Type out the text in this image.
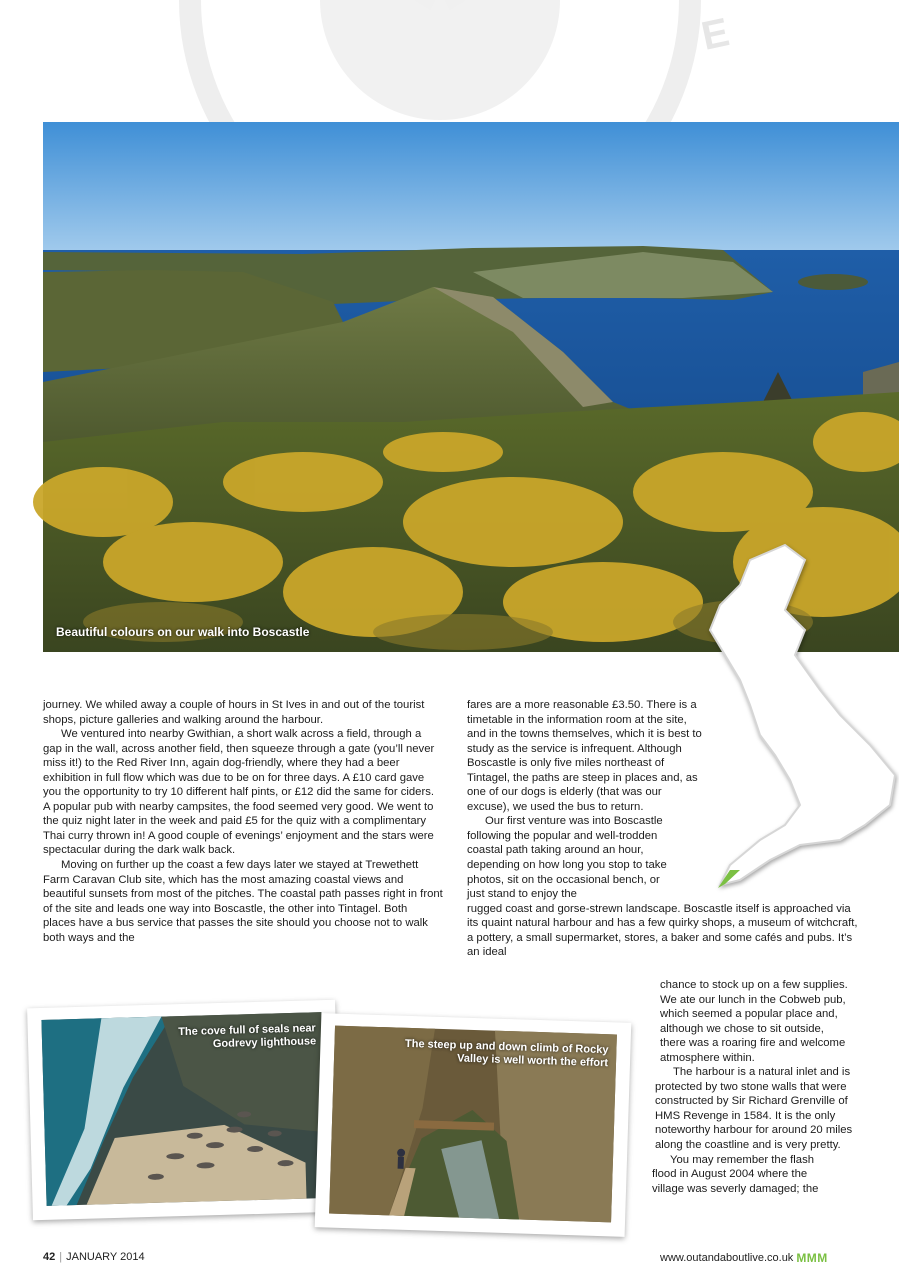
E
Beautiful colours on our walk into Boscastle

journey. We whiled away a couple of hours in St Ives in and out of the tourist shops, picture galleries and walking around the harbour.

We ventured into nearby Gwithian, a short walk across a field, through a gap in the wall, across another field, then squeeze through a gate (you’ll never miss it!) to the Red River Inn, again dog-friendly, where they had a beer exhibition in full flow which was due to be on for three days. A £10 card gave you the opportunity to try 10 different half pints, or £12 did the same for ciders. A popular pub with nearby campsites, the food seemed very good. We went to the quiz night later in the week and paid £5 for the quiz with a complimentary Thai curry thrown in! A good couple of evenings’ enjoyment and the stars were spectacular during the dark walk back.

Moving on further up the coast a few days later we stayed at Trewethett Farm Caravan Club site, which has the most amazing coastal views and beautiful sunsets from most of the pitches. The coastal path passes right in front of the site and leads one way into Boscastle, the other into Tintagel. Both places have a bus service that passes the site should you choose not to walk both ways and the

fares are a more reasonable £3.50. There is a timetable in the information room at the site, and in the towns themselves, which it is best to study as the service is infrequent. Although Boscastle is only five miles northeast of Tintagel, the paths are steep in places and, as one of our dogs is elderly (that was our excuse), we used the bus to return.

Our first venture was into Boscastle following the popular and well-trodden coastal path taking around an hour, depending on how long you stop to take photos, sit on the occasional bench, or just stand to enjoy the

rugged coast and gorse-strewn landscape. Boscastle itself is approached via its quaint natural harbour and has a few quirky shops, a museum of witchcraft, a pottery, a small supermarket, stores, a baker and some cafés and pubs. It’s an ideal

chance to stock up on a few supplies. We ate our lunch in the Cobweb pub, which seemed a popular place and, although we chose to sit outside, there was a roaring fire and welcome atmosphere within.

The harbour is a natural inlet and is protected by two stone walls that were constructed by Sir Richard Grenville of HMS Revenge in 1584. It is the only noteworthy harbour for around 20 miles along the coastline and is very pretty.

You may remember the flash flood in August 2004 where the village was severly damaged; the

The cove full of seals near Godrevy lighthouse	The steep up and down climb of Rocky Valley is well worth the effort
42 | JANUARY 2014	www.outandaboutlive.co.uk MMM
